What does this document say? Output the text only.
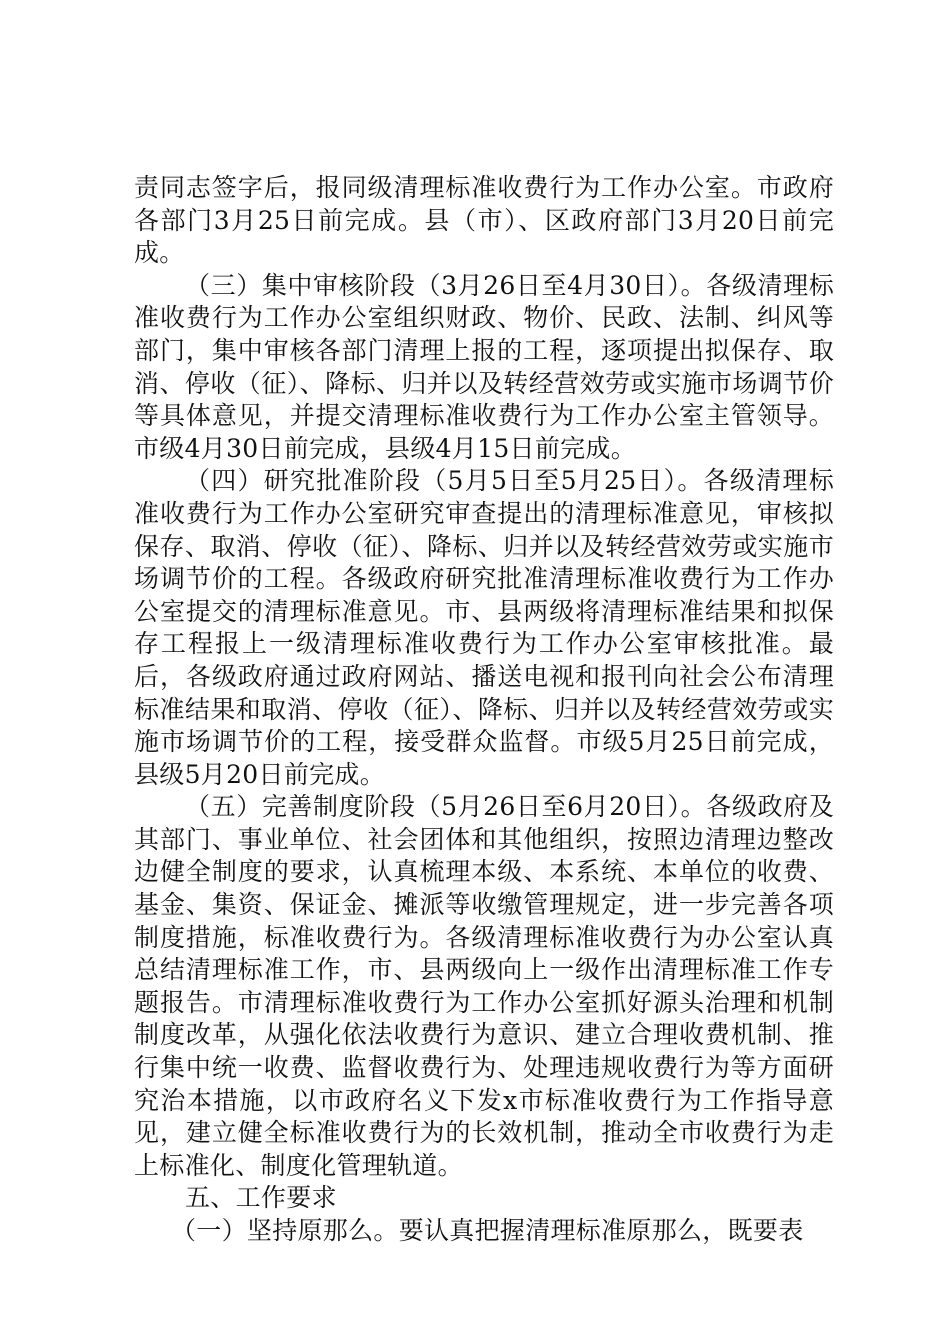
责同志签字后，报同级清理标准收费行为工作办公室。市政府各部门3月25日前完成。县（市）、区政府部门3月20日前完成。

（三）集中审核阶段（3月26日至4月30日）。各级清理标准收费行为工作办公室组织财政、物价、民政、法制、纠风等部门，集中审核各部门清理上报的工程，逐项提出拟保存、取消、停收（征）、降标、归并以及转经营效劳或实施市场调节价等具体意见，并提交清理标准收费行为工作办公室主管领导。市级4月30日前完成，县级4月15日前完成。

（四）研究批准阶段（5月5日至5月25日）。各级清理标准收费行为工作办公室研究审查提出的清理标准意见，审核拟保存、取消、停收（征）、降标、归并以及转经营效劳或实施市场调节价的工程。各级政府研究批准清理标准收费行为工作办公室提交的清理标准意见。市、县两级将清理标准结果和拟保存工程报上一级清理标准收费行为工作办公室审核批准。最后，各级政府通过政府网站、播送电视和报刊向社会公布清理标准结果和取消、停收（征）、降标、归并以及转经营效劳或实施市场调节价的工程，接受群众监督。市级5月25日前完成，县级5月20日前完成。

（五）完善制度阶段（5月26日至6月20日）。各级政府及其部门、事业单位、社会团体和其他组织，按照边清理边整改边健全制度的要求，认真梳理本级、本系统、本单位的收费、基金、集资、保证金、摊派等收缴管理规定，进一步完善各项制度措施，标准收费行为。各级清理标准收费行为办公室认真总结清理标准工作，市、县两级向上一级作出清理标准工作专题报告。市清理标准收费行为工作办公室抓好源头治理和机制制度改革，从强化依法收费行为意识、建立合理收费机制、推行集中统一收费、监督收费行为、处理违规收费行为等方面研究治本措施，以市政府名义下发x市标准收费行为工作指导意见，建立健全标准收费行为的长效机制，推动全市收费行为走上标准化、制度化管理轨道。

五、工作要求

（一）坚持原那么。要认真把握清理标准原那么，既要表
